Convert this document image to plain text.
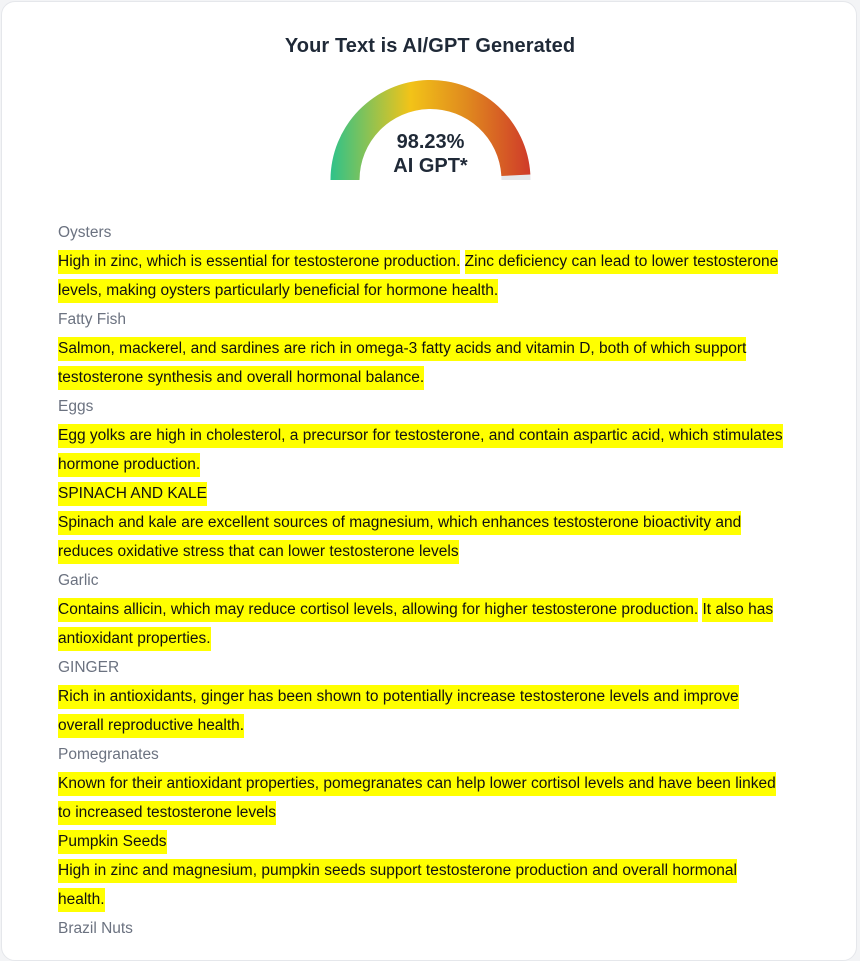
Your Text is AI/GPT Generated
98.23%
AI GPT*
Oysters
High in zinc, which is essential for testosterone production. Zinc deficiency can lead to lower testosterone
levels, making oysters particularly beneficial for hormone health.
Fatty Fish
Salmon, mackerel, and sardines are rich in omega-3 fatty acids and vitamin D, both of which support
testosterone synthesis and overall hormonal balance.
Eggs
Egg yolks are high in cholesterol, a precursor for testosterone, and contain aspartic acid, which stimulates
hormone production.
SPINACH AND KALE
Spinach and kale are excellent sources of magnesium, which enhances testosterone bioactivity and
reduces oxidative stress that can lower testosterone levels
Garlic
Contains allicin, which may reduce cortisol levels, allowing for higher testosterone production. It also has
antioxidant properties.
GINGER
Rich in antioxidants, ginger has been shown to potentially increase testosterone levels and improve
overall reproductive health.
Pomegranates
Known for their antioxidant properties, pomegranates can help lower cortisol levels and have been linked
to increased testosterone levels
Pumpkin Seeds
High in zinc and magnesium, pumpkin seeds support testosterone production and overall hormonal
health.
Brazil Nuts
